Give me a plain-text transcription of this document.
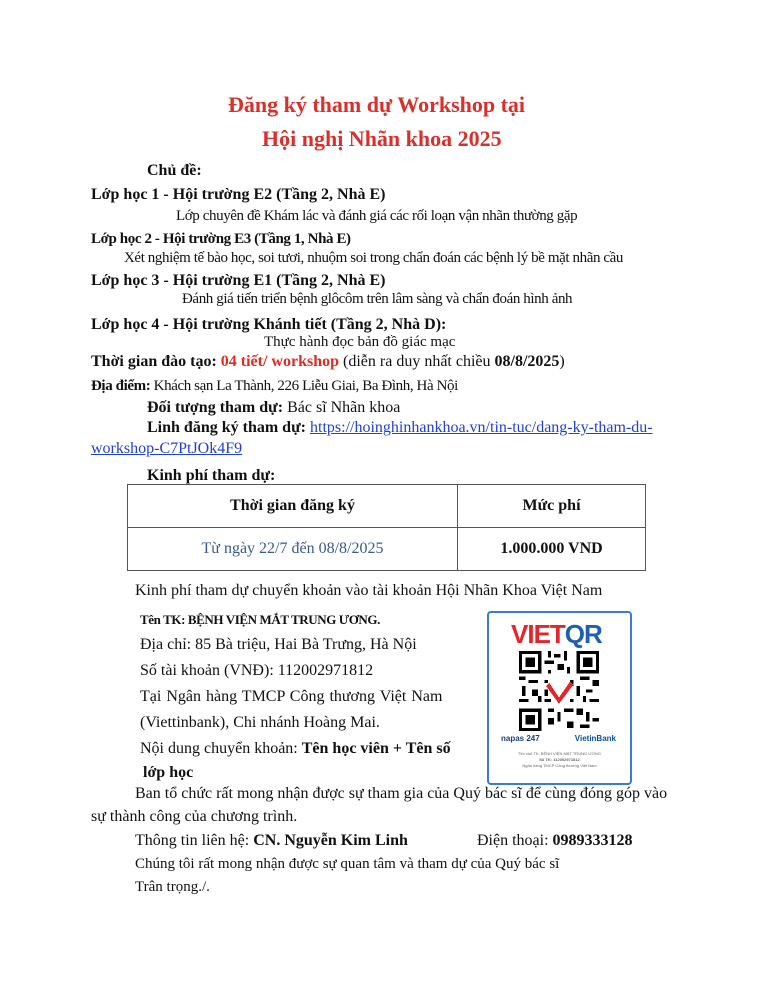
Đăng ký tham dự Workshop tại
Hội nghị Nhãn khoa 2025
Chủ đề:
Lớp học 1 - Hội trường E2 (Tầng 2, Nhà E)
Lớp chuyên đề Khám lác và đánh giá các rối loạn vận nhãn thường gặp
Lớp học 2 - Hội trường E3 (Tầng 1, Nhà E)
Xét nghiệm tế bào học, soi tươi, nhuộm soi trong chẩn đoán các bệnh lý bề mặt nhãn cầu
Lớp học 3 - Hội trường E1 (Tầng 2, Nhà E)
Đánh giá tiến triển bệnh glôcôm trên lâm sàng và chẩn đoán hình ảnh
Lớp học 4 - Hội trường Khánh tiết (Tầng 2, Nhà D):
Thực hành đọc bản đồ giác mạc
Thời gian đào tạo: 04 tiết/ workshop (diễn ra duy nhất chiều 08/8/2025)
Địa điểm: Khách sạn La Thành, 226 Liễu Giai, Ba Đình, Hà Nội
Đối tượng tham dự: Bác sĩ Nhãn khoa
Linh đăng ký tham dự: https://hoinghinhankhoa.vn/tin-tuc/dang-ky-tham-du-
workshop-C7PtJOk4F9
Kinh phí tham dự:
Thời gian đăng ký	Mức phí
Từ ngày 22/7 đến 08/8/2025	1.000.000 VND
Kinh phí tham dự chuyển khoản vào tài khoản Hội Nhãn Khoa Việt Nam
Tên TK: BỆNH VIỆN MẮT TRUNG ƯƠNG.
Địa chỉ: 85 Bà triệu, Hai Bà Trưng, Hà Nội
Số tài khoản (VNĐ): 112002971812
Tại Ngân hàng TMCP Công thương Việt Nam
(Viettinbank), Chi nhánh Hoàng Mai.
Nội dung chuyển khoản: Tên học viên + Tên số
lớp học
VIETQR
napas 247	VietinBank
Tên chủ TK: BỆNH VIỆN MẮT TRUNG ƯƠNG
Số TK: 112002971812
Ngân hàng TMCP Công thương Việt Nam
Ban tổ chức rất mong nhận được sự tham gia của Quý bác sĩ để cùng đóng góp vào
sự thành công của chương trình.
Thông tin liên hệ: CN. Nguyễn Kim Linh	Điện thoại: 0989333128
Chúng tôi rất mong nhận được sự quan tâm và tham dự của Quý bác sĩ
Trân trọng./.
